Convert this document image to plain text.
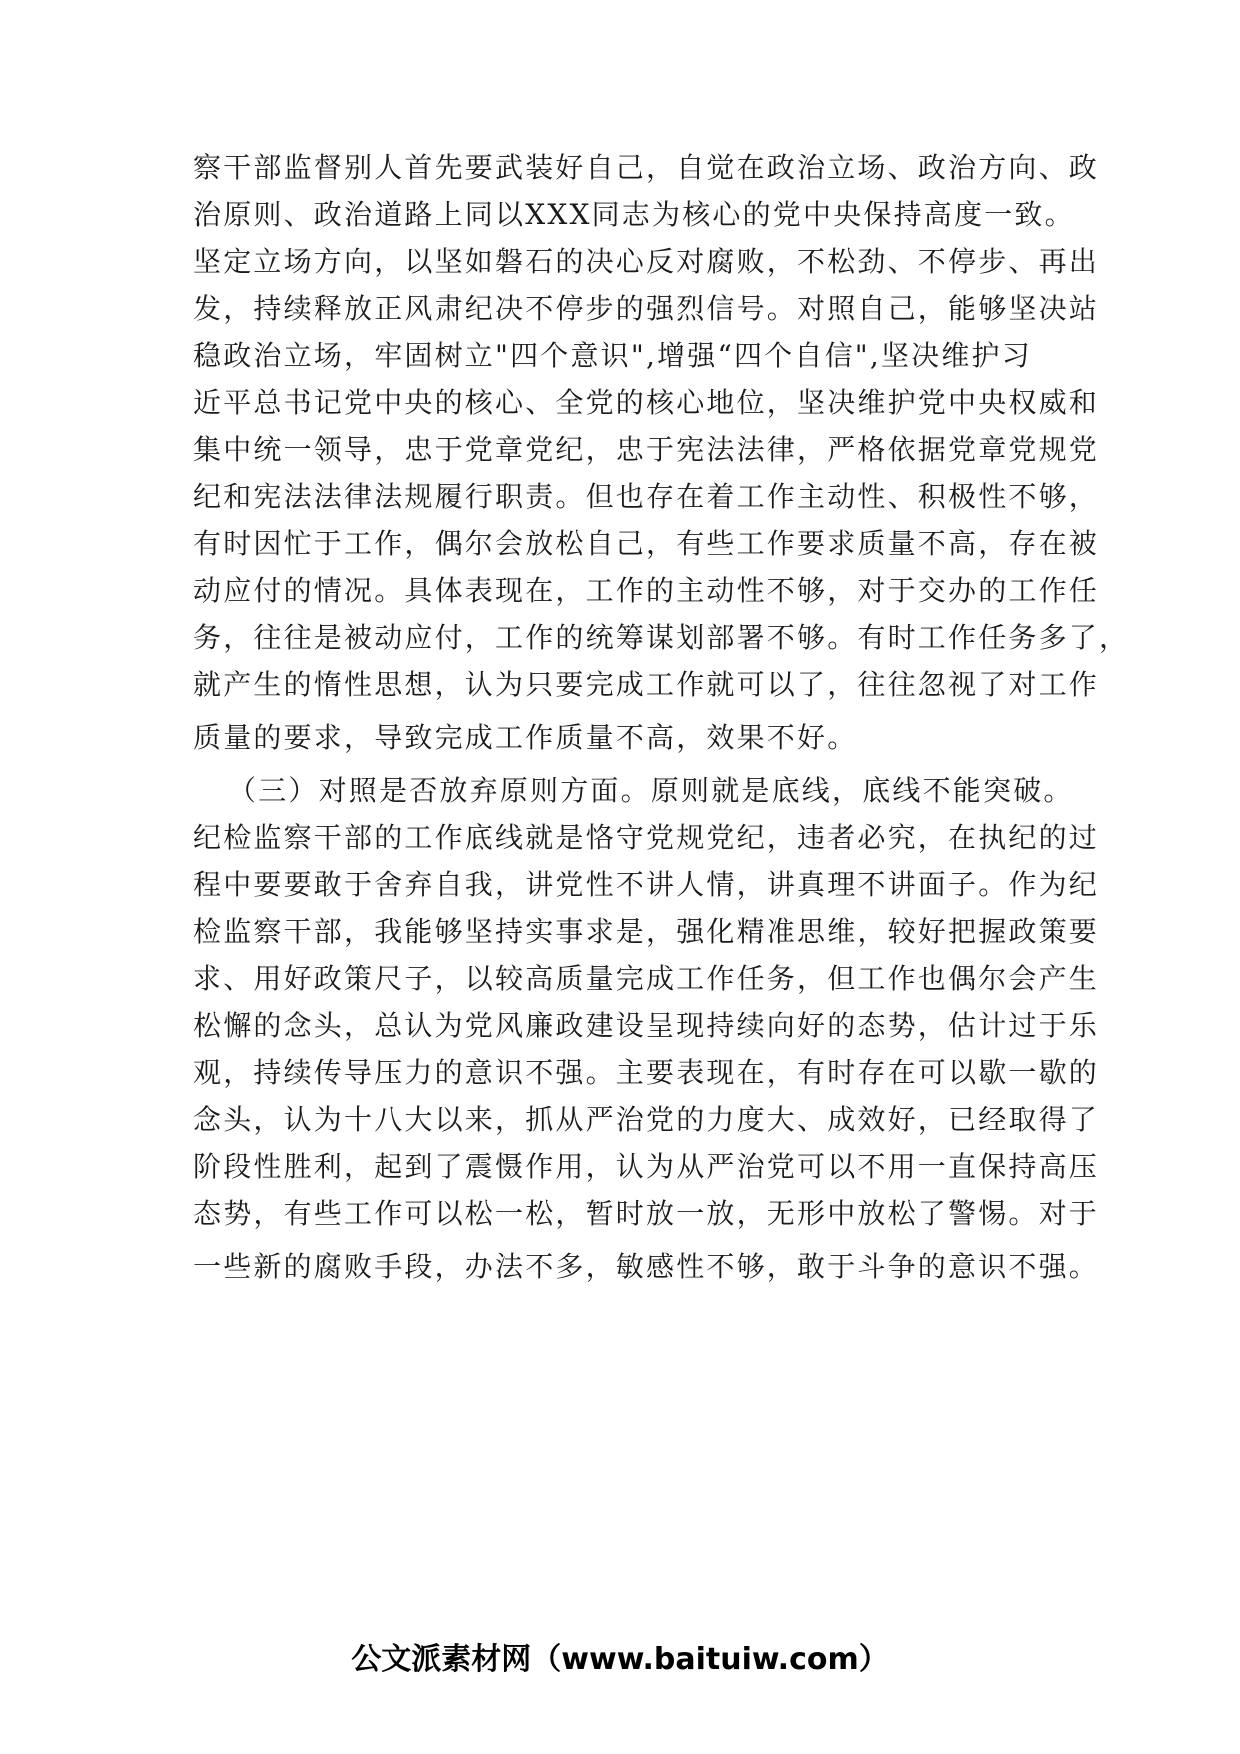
察干部监督别人首先要武装好自己，自觉在政治立场、政治方向、政
治原则、政治道路上同以XXX同志为核心的党中央保持高度一致。
坚定立场方向，以坚如磐石的决心反对腐败，不松劲、不停步、再出
发，持续释放正风肃纪决不停步的强烈信号。对照自己，能够坚决站
稳政治立场，牢固树立"四个意识",增强“四个自信",坚决维护习
近平总书记党中央的核心、全党的核心地位，坚决维护党中央权威和
集中统一领导，忠于党章党纪，忠于宪法法律，严格依据党章党规党
纪和宪法法律法规履行职责。但也存在着工作主动性、积极性不够，
有时因忙于工作，偶尔会放松自己，有些工作要求质量不高，存在被
动应付的情况。具体表现在，工作的主动性不够，对于交办的工作任
务，往往是被动应付，工作的统筹谋划部署不够。有时工作任务多了，
就产生的惰性思想，认为只要完成工作就可以了，往往忽视了对工作
质量的要求，导致完成工作质量不高，效果不好。
（三）对照是否放弃原则方面。原则就是底线，底线不能突破。
纪检监察干部的工作底线就是恪守党规党纪，违者必究，在执纪的过
程中要要敢于舍弃自我，讲党性不讲人情，讲真理不讲面子。作为纪
检监察干部，我能够坚持实事求是，强化精准思维，较好把握政策要
求、用好政策尺子，以较高质量完成工作任务，但工作也偶尔会产生
松懈的念头，总认为党风廉政建设呈现持续向好的态势，估计过于乐
观，持续传导压力的意识不强。主要表现在，有时存在可以歇一歇的
念头，认为十八大以来，抓从严治党的力度大、成效好，已经取得了
阶段性胜利，起到了震慑作用，认为从严治党可以不用一直保持高压
态势，有些工作可以松一松，暂时放一放，无形中放松了警惕。对于
一些新的腐败手段，办法不多，敏感性不够，敢于斗争的意识不强。
公文派素材网（www.baituiw.com）
